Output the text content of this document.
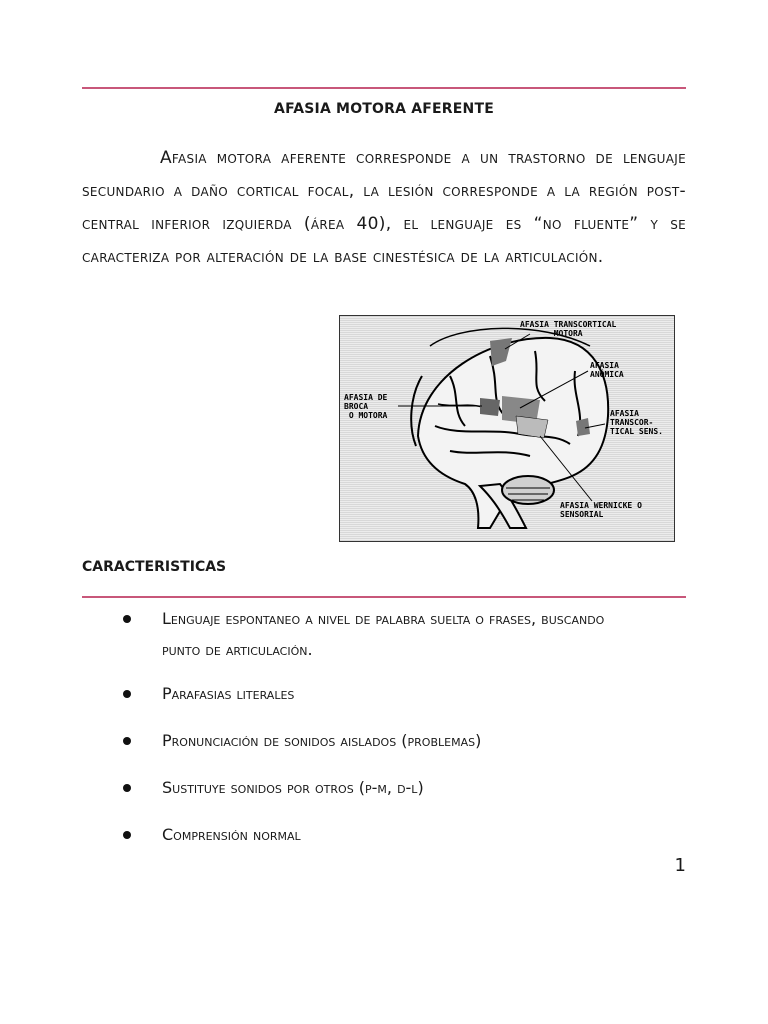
AFASIA MOTORA AFERENTE
Afasia motora aferente corresponde a un trastorno de lenguaje secundario a daño cortical focal, la lesión corresponde a la región post-central inferior izquierda (área 40), el lenguaje es “no fluente” y se caracteriza por alteración de la base cinestésica de la articulación.
AFASIA TRANSCORTICAL
MOTORA
AFASIA
ANÓMICA
AFASIA DE
BROCA
O MOTORA	AFASIA
TRANSCOR-
TICAL SENS.
AFASIA WERNICKE O
SENSORIAL
CARACTERISTICAS
Lenguaje espontaneo a nivel de palabra suelta o frases, buscando punto de articulación.
Parafasias literales
Pronunciación de sonidos aislados (problemas)
Sustituye sonidos por otros (p-m, d-l)
Comprensión normal
1
